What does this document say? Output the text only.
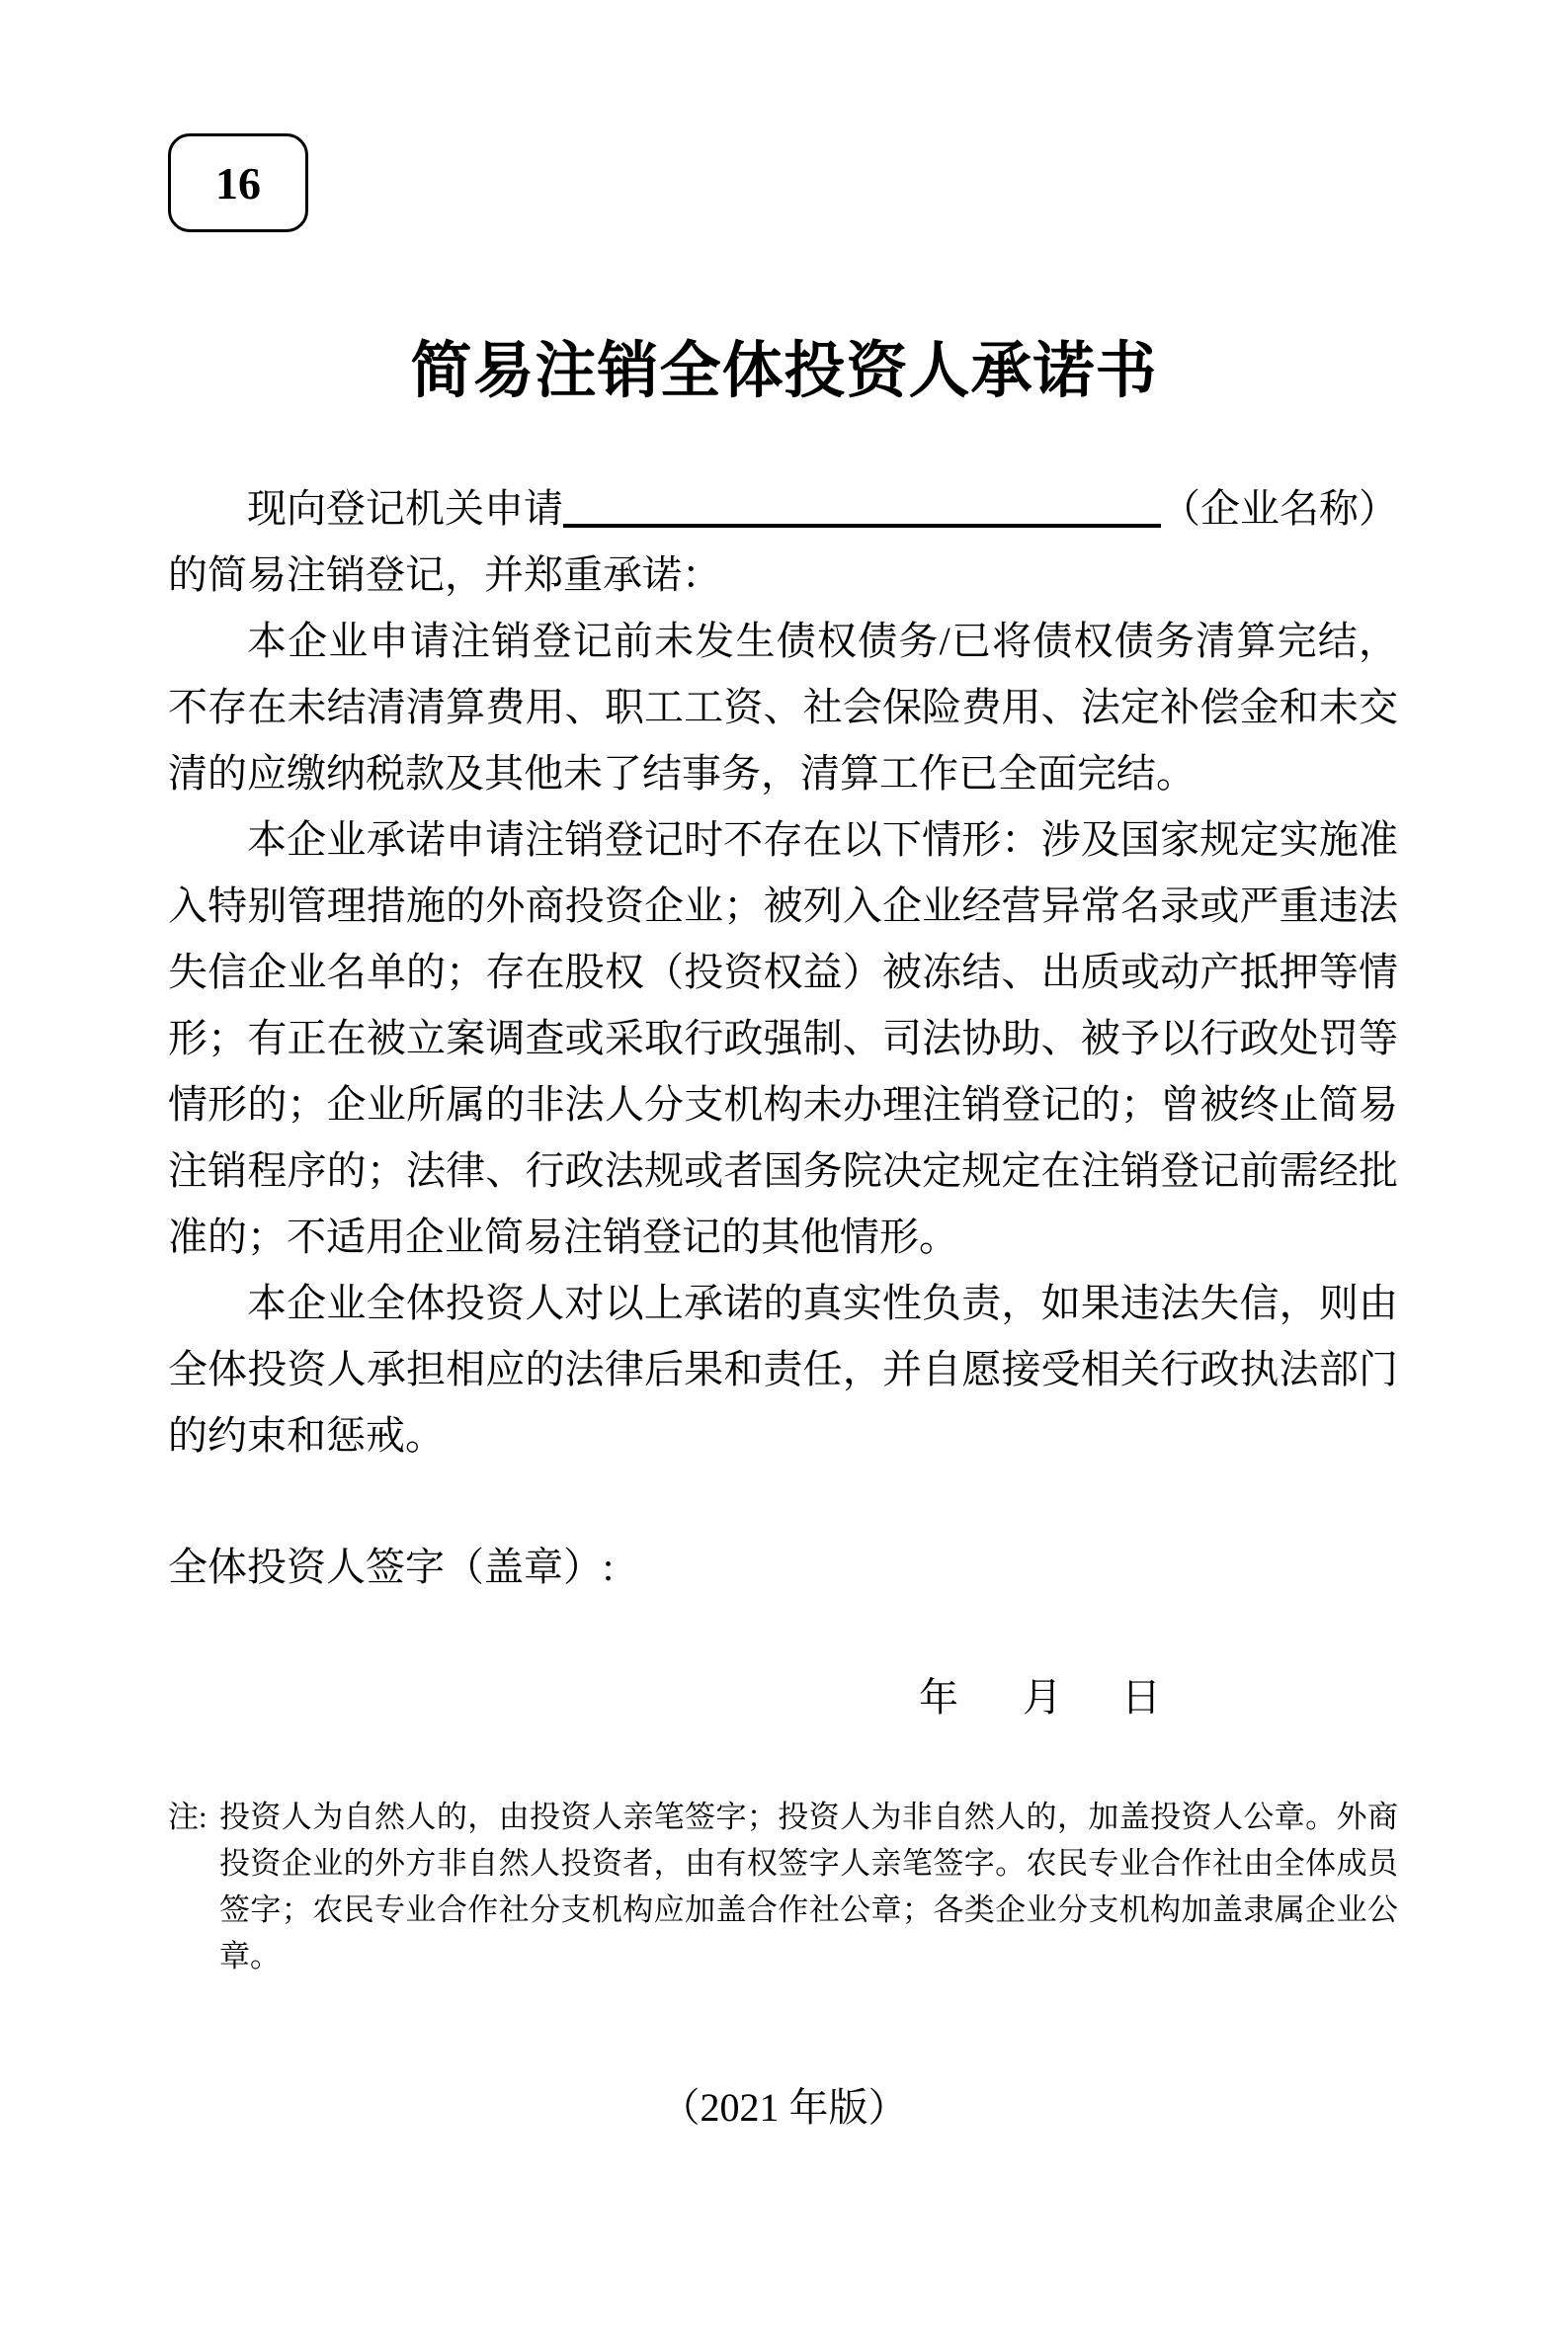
16
简易注销全体投资人承诺书

现向登记机关申请	（企业名称）的简易注销登记，并郑重承诺：

本企业申请注销登记前未发生债权债务/已将债权债务清算完结，不存在未结清清算费用、职工工资、社会保险费用、法定补偿金和未交清的应缴纳税款及其他未了结事务，清算工作已全面完结。

本企业承诺申请注销登记时不存在以下情形：涉及国家规定实施准入特别管理措施的外商投资企业；被列入企业经营异常名录或严重违法失信企业名单的；存在股权（投资权益）被冻结、出质或动产抵押等情形；有正在被立案调查或采取行政强制、司法协助、被予以行政处罚等情形的；企业所属的非法人分支机构未办理注销登记的；曾被终止简易注销程序的；法律、行政法规或者国务院决定规定在注销登记前需经批准的；不适用企业简易注销登记的其他情形。

本企业全体投资人对以上承诺的真实性负责，如果违法失信，则由全体投资人承担相应的法律后果和责任，并自愿接受相关行政执法部门的约束和惩戒。

全体投资人签字（盖章）:
年 月 日
注: 投资人为自然人的，由投资人亲笔签字；投资人为非自然人的，加盖投资人公章。外商投资企业的外方非自然人投资者，由有权签字人亲笔签字。农民专业合作社由全体成员签字；农民专业合作社分支机构应加盖合作社公章；各类企业分支机构加盖隶属企业公章。
（2021 年版）
